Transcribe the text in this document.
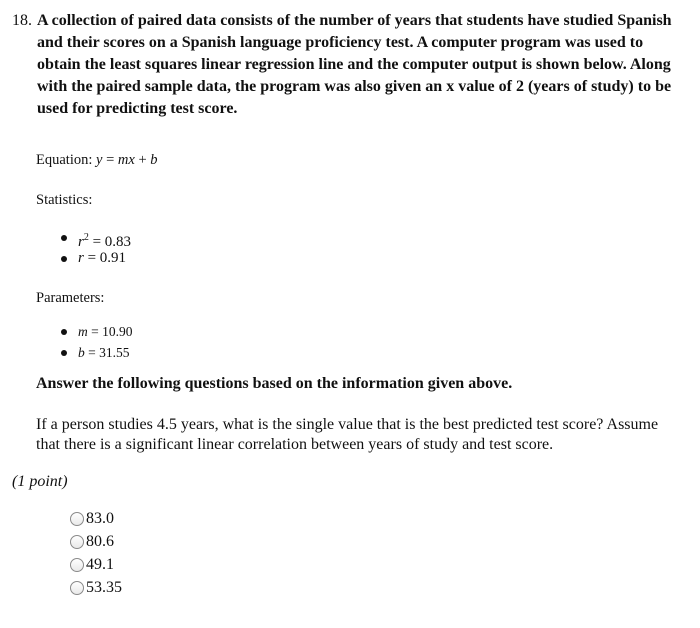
18. A collection of paired data consists of the number of years that students have studied Spanish and their scores on a Spanish language proficiency test. A computer program was used to obtain the least squares linear regression line and the computer output is shown below. Along with the paired sample data, the program was also given an x value of 2 (years of study) to be used for predicting test score.
Equation: y = mx + b
Statistics:
$r^2 = 0.83$
r = 0.91
Parameters:
m = 10.90
b = 31.55
Answer the following questions based on the information given above.
If a person studies 4.5 years, what is the single value that is the best predicted test score? Assume that there is a significant linear correlation between years of study and test score.
(1 point)
83.0
80.6
49.1
53.35
